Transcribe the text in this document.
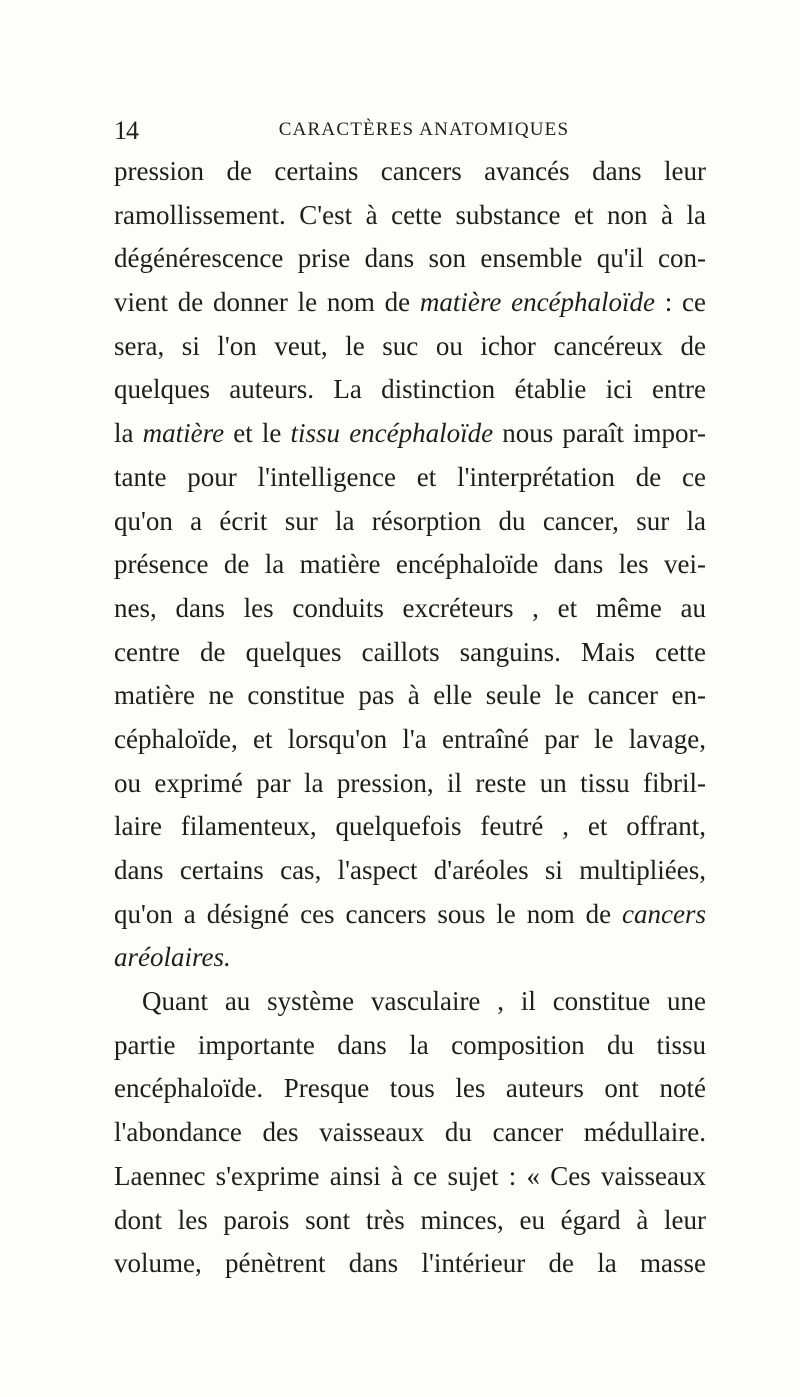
14	CARACTÈRES ANATOMIQUES
pression de certains cancers avancés dans leur
ramollissement. C'est à cette substance et non à la
dégénérescence prise dans son ensemble qu'il con-
vient de donner le nom de matière encéphaloïde : ce
sera, si l'on veut, le suc ou ichor cancéreux de
quelques auteurs. La distinction établie ici entre
la matière et le tissu encéphaloïde nous paraît impor-
tante pour l'intelligence et l'interprétation de ce
qu'on a écrit sur la résorption du cancer, sur la
présence de la matière encéphaloïde dans les vei-
nes, dans les conduits excréteurs , et même au
centre de quelques caillots sanguins. Mais cette
matière ne constitue pas à elle seule le cancer en-
céphaloïde, et lorsqu'on l'a entraîné par le lavage,
ou exprimé par la pression, il reste un tissu fibril-
laire filamenteux, quelquefois feutré , et offrant,
dans certains cas, l'aspect d'aréoles si multipliées,
qu'on a désigné ces cancers sous le nom de cancers
aréolaires.
Quant au système vasculaire , il constitue une
partie importante dans la composition du tissu
encéphaloïde. Presque tous les auteurs ont noté
l'abondance des vaisseaux du cancer médullaire.
Laennec s'exprime ainsi à ce sujet : « Ces vaisseaux
dont les parois sont très minces, eu égard à leur
volume, pénètrent dans l'intérieur de la masse
